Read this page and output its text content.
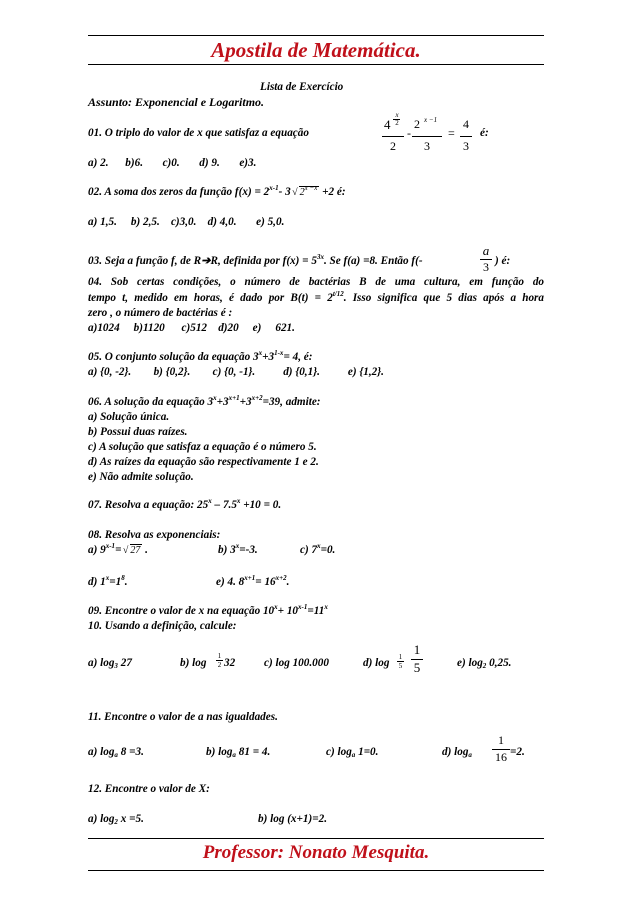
Apostila de Matemática.
Lista de Exercício
Assunto: Exponencial e Logaritmo.
01. O triplo do valor de x que satisfaz a equação
4
x
2
2
-
2 x −1
3
=
4
3
é:
a) 2.      b)6.       c)0.       d) 9.       e)3.
02. A soma dos zeros da função $f(x) = 2^{x-1}-$ 3 √ $2^{x -x} +2$ é:
a) 1,5.     b) 2,5.    c)3,0.    d) 4,0.       e) 5,0.
03. Seja a função f, de R➔R, definida por $f(x) = 5^{3x}$. Se f(a) =8. Então f(-
a
3 ) é:
04. Sob certas condições, o número de bactérias B de uma cultura, em função do
tempo t, medido em horas, é dado por $B(t) = 2^{t/12}$. Isso significa que 5 dias após a hora
zero , o número de bactérias é :
a)1024     b)1120      c)512    d)20     e)     621.
05. O conjunto solução da equação $3^x+3^{1-x}= 4$, é:
a) {0, -2}.        b) {0,2}.        c) {0, -1}.          d) {0,1}.          e) {1,2}.
06. A solução da equação $3^x+3^{x+1}+3^{x+2}=39$, admite:
a) Solução única.
b) Possui duas raízes.
c) A solução que satisfaz a equação é o número 5.
d) As raízes da equação são respectivamente 1 e 2.
e) Não admite solução.
07. Resolva a equação: $25^x - 7.5^x +10 = 0$.
08. Resolva as exponenciais:
a) $9^{x-1}=$ √ 27 .	b) $3^x=-3$.	c) $7^x=0$.
d) $1^x=1^8$.	e) 4. $8^{x+1}= 16^{x+2}$.
09. Encontre o valor de x na equação $10^x+ 10^{x-1}=11^x$
10. Usando a definição, calcule:
a) $\log_3 27$	b) log
1
2 32	c) log 100.000	d) log 1
5
1
5	e) $\log_2 0,25$.
11. Encontre o valor de a nas igualdades.
a) $\log_a 8 =3$.	b) $\log_a 81 = 4$.	c) $\log_a 1=0$.	d) $\log_a$
1
16 =2.
12. Encontre o valor de X:
a) $\log_2 x =5$.	b) log (x+1)=2.
Professor: Nonato Mesquita.
